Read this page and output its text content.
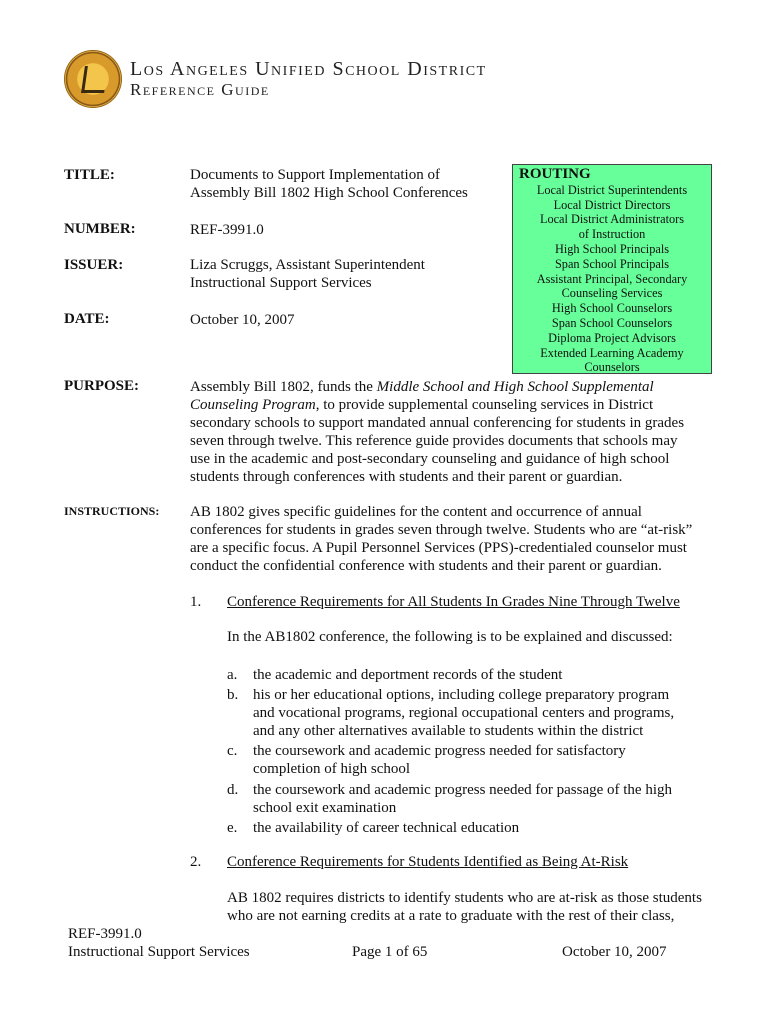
Los Angeles Unified School District
Reference Guide
TITLE:	Documents to Support Implementation of
Assembly Bill 1802 High School Conferences
NUMBER:	REF-3991.0
ISSUER:	Liza Scruggs, Assistant Superintendent
Instructional Support Services
DATE:	October 10, 2007
ROUTING
Local District Superintendents
Local District Directors
Local District Administrators
of Instruction
High School Principals
Span School Principals
Assistant Principal, Secondary
Counseling Services
High School Counselors
Span School Counselors
Diploma Project Advisors
Extended Learning Academy
Counselors
PURPOSE:	Assembly Bill 1802, funds the Middle School and High School Supplemental
Counseling Program, to provide supplemental counseling services in District
secondary schools to support mandated annual conferencing for students in grades
seven through twelve. This reference guide provides documents that schools may
use in the academic and post-secondary counseling and guidance of high school
students through conferences with students and their parent or guardian.
INSTRUCTIONS: AB 1802 gives specific guidelines for the content and occurrence of annual
conferences for students in grades seven through twelve. Students who are “at-risk”
are a specific focus. A Pupil Personnel Services (PPS)-credentialed counselor must
conduct the confidential conference with students and their parent or guardian.
1. Conference Requirements for All Students In Grades Nine Through Twelve
In the AB1802 conference, the following is to be explained and discussed:
a. the academic and deportment records of the student
b. his or her educational options, including college preparatory program
and vocational programs, regional occupational centers and programs,
and any other alternatives available to students within the district
c. the coursework and academic progress needed for satisfactory
completion of high school
d. the coursework and academic progress needed for passage of the high
school exit examination
e. the availability of career technical education
2. Conference Requirements for Students Identified as Being At-Risk
AB 1802 requires districts to identify students who are at-risk as those students
who are not earning credits at a rate to graduate with the rest of their class,
REF-3991.0
Instructional Support Services	Page 1 of 65	October 10, 2007
